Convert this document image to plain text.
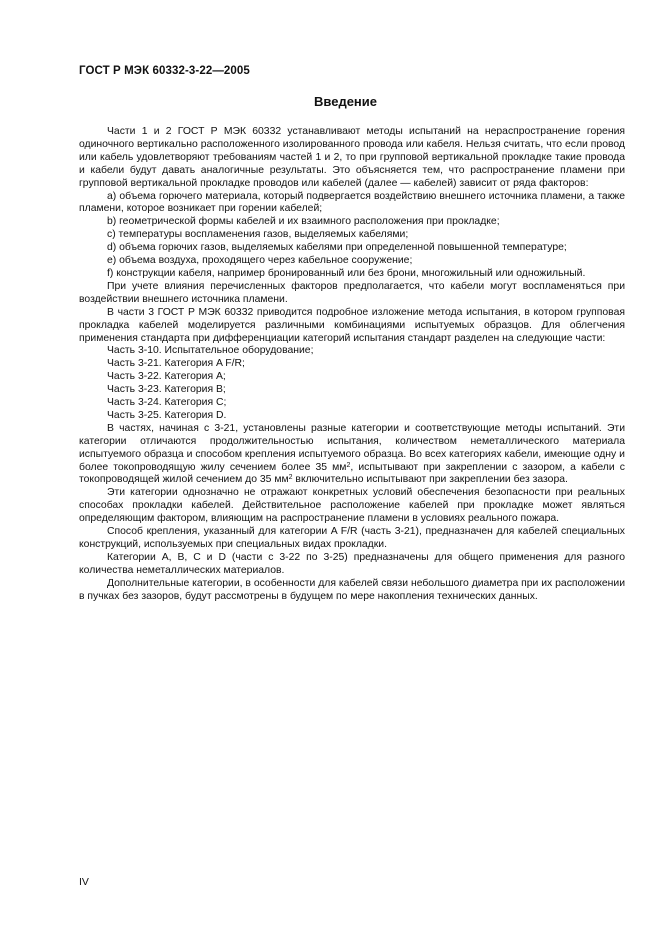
ГОСТ Р МЭК 60332-3-22—2005
Введение

Части 1 и 2 ГОСТ Р МЭК 60332 устанавливают методы испытаний на нераспространение горения одиночного вертикально расположенного изолированного провода или кабеля. Нельзя считать, что если провод или кабель удовлетворяют требованиям частей 1 и 2, то при групповой вертикальной прокладке такие провода и кабели будут давать аналогичные результаты. Это объясняется тем, что распространение пламени при групповой вертикальной прокладке проводов или кабелей (далее — кабелей) зависит от ряда факторов:

a) объема горючего материала, который подвергается воздействию внешнего источника пламени, а также пламени, которое возникает при горении кабелей;

b) геометрической формы кабелей и их взаимного расположения при прокладке;

c) температуры воспламенения газов, выделяемых кабелями;

d) объема горючих газов, выделяемых кабелями при определенной повышенной температуре;

e) объема воздуха, проходящего через кабельное сооружение;

f) конструкции кабеля, например бронированный или без брони, многожильный или одножильный.

При учете влияния перечисленных факторов предполагается, что кабели могут воспламеняться при воздействии внешнего источника пламени.

В части 3 ГОСТ Р МЭК 60332 приводится подробное изложение метода испытания, в котором групповая прокладка кабелей моделируется различными комбинациями испытуемых образцов. Для облегчения применения стандарта при дифференциации категорий испытания стандарт разделен на следующие части:

Часть 3-10. Испытательное оборудование;

Часть 3-21. Категория A F/R;

Часть 3-22. Категория A;

Часть 3-23. Категория B;

Часть 3-24. Категория C;

Часть 3-25. Категория D.

В частях, начиная с 3-21, установлены разные категории и соответствующие методы испытаний. Эти категории отличаются продолжительностью испытания, количеством неметаллического материала испытуемого образца и способом крепления испытуемого образца. Во всех категориях кабели, имеющие одну и более токопроводящую жилу сечением более 35 $мм^2$, испытывают при закреплении с зазором, а кабели с токопроводящей жилой сечением до 35 $мм^2$ включительно испытывают при закреплении без зазора.

Эти категории однозначно не отражают конкретных условий обеспечения безопасности при реальных способах прокладки кабелей. Действительное расположение кабелей при прокладке может являться определяющим фактором, влияющим на распространение пламени в условиях реального пожара.

Способ крепления, указанный для категории A F/R (часть 3-21), предназначен для кабелей специальных конструкций, используемых при специальных видах прокладки.

Категории A, B, C и D (части с 3-22 по 3-25) предназначены для общего применения для разного количества неметаллических материалов.

Дополнительные категории, в особенности для кабелей связи небольшого диаметра при их расположении в пучках без зазоров, будут рассмотрены в будущем по мере накопления технических данных.

IV
